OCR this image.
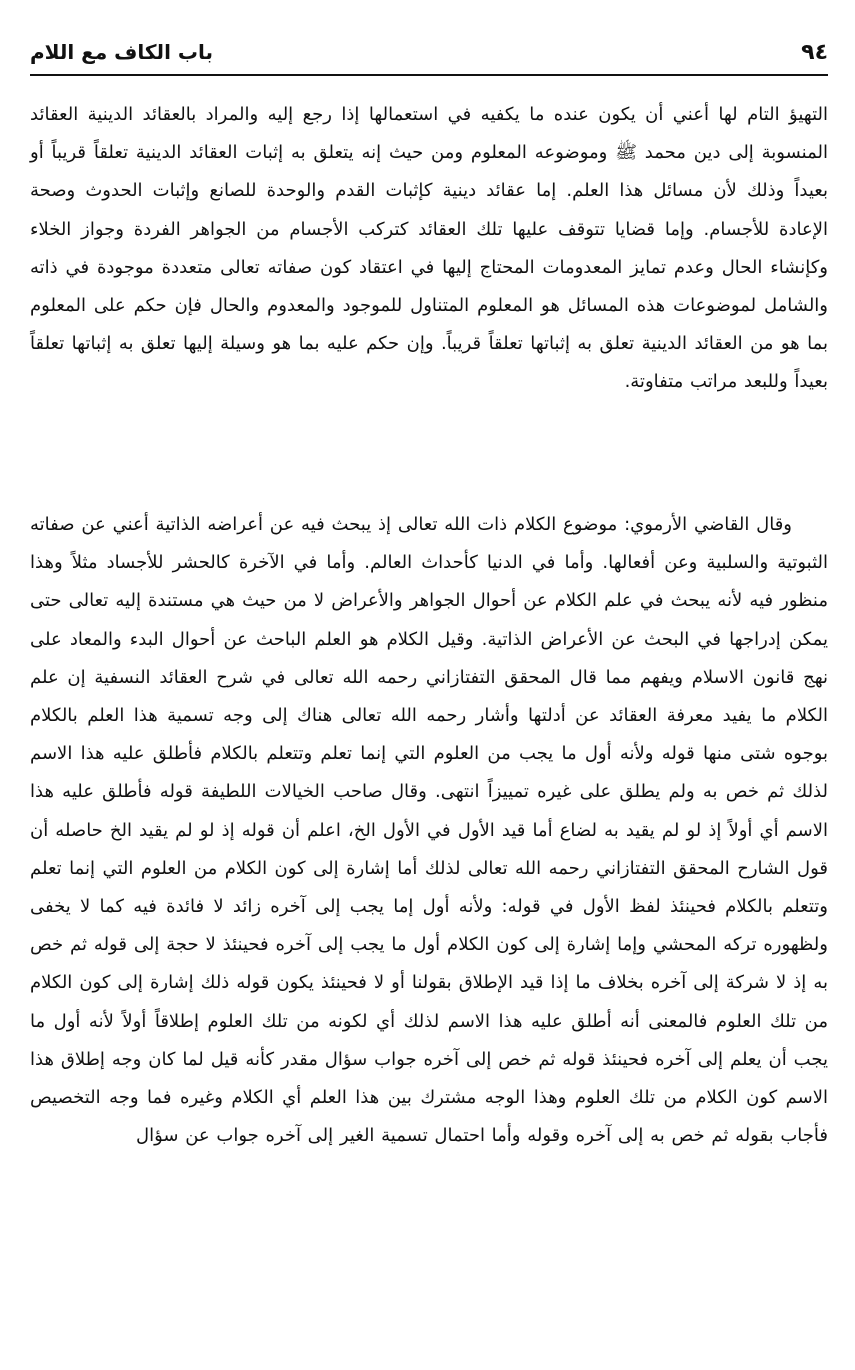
٩٤
باب الكاف مع اللام

التهيؤ التام لها أعني أن يكون عنده ما يكفيه في استعمالها إذا رجع إليه والمراد بالعقائد الدينية العقائد المنسوبة إلى دين محمد ﷺ وموضوعه المعلوم ومن حيث إنه يتعلق به إثبات العقائد الدينية تعلقاً قريباً أو بعيداً وذلك لأن مسائل هذا العلم. إما عقائد دينية كإثبات القدم والوحدة للصانع وإثبات الحدوث وصحة الإعادة للأجسام. وإما قضايا تتوقف عليها تلك العقائد كتركب الأجسام من الجواهر الفردة وجواز الخلاء وكإنشاء الحال وعدم تمايز المعدومات المحتاج إليها في اعتقاد كون صفاته تعالى متعددة موجودة في ذاته والشامل لموضوعات هذه المسائل هو المعلوم المتناول للموجود والمعدوم والحال فإن حكم على المعلوم بما هو من العقائد الدينية تعلق به إثباتها تعلقاً قريباً. وإن حكم عليه بما هو وسيلة إليها تعلق به إثباتها تعلقاً بعيداً وللبعد مراتب متفاوتة.

وقال القاضي الأرموي: موضوع الكلام ذات الله تعالى إذ يبحث فيه عن أعراضه الذاتية أعني عن صفاته الثبوتية والسلبية وعن أفعالها. وأما في الدنيا كأحداث العالم. وأما في الآخرة كالحشر للأجساد مثلاً وهذا منظور فيه لأنه يبحث في علم الكلام عن أحوال الجواهر والأعراض لا من حيث هي مستندة إليه تعالى حتى يمكن إدراجها في البحث عن الأعراض الذاتية. وقيل الكلام هو العلم الباحث عن أحوال البدء والمعاد على نهج قانون الاسلام ويفهم مما قال المحقق التفتازاني رحمه الله تعالى في شرح العقائد النسفية إن علم الكلام ما يفيد معرفة العقائد عن أدلتها وأشار رحمه الله تعالى هناك إلى وجه تسمية هذا العلم بالكلام بوجوه شتى منها قوله ولأنه أول ما يجب من العلوم التي إنما تعلم وتتعلم بالكلام فأطلق عليه هذا الاسم لذلك ثم خص به ولم يطلق على غيره تمييزاً انتهى. وقال صاحب الخيالات اللطيفة قوله فأطلق عليه هذا الاسم أي أولاً إذ لو لم يقيد به لضاع أما قيد الأول في الأول الخ، اعلم أن قوله إذ لو لم يقيد الخ حاصله أن قول الشارح المحقق التفتازاني رحمه الله تعالى لذلك أما إشارة إلى كون الكلام من العلوم التي إنما تعلم وتتعلم بالكلام فحينئذ لفظ الأول في قوله: ولأنه أول إما يجب إلى آخره زائد لا فائدة فيه كما لا يخفى ولظهوره تركه المحشي وإما إشارة إلى كون الكلام أول ما يجب إلى آخره فحينئذ لا حجة إلى قوله ثم خص به إذ لا شركة إلى آخره بخلاف ما إذا قيد الإطلاق بقولنا أو لا فحينئذ يكون قوله ذلك إشارة إلى كون الكلام من تلك العلوم فالمعنى أنه أطلق عليه هذا الاسم لذلك أي لكونه من تلك العلوم إطلاقاً أولاً لأنه أول ما يجب أن يعلم إلى آخره فحينئذ قوله ثم خص إلى آخره جواب سؤال مقدر كأنه قيل لما كان وجه إطلاق هذا الاسم كون الكلام من تلك العلوم وهذا الوجه مشترك بين هذا العلم أي الكلام وغيره فما وجه التخصيص فأجاب بقوله ثم خص به إلى آخره وقوله وأما احتمال تسمية الغير إلى آخره جواب عن سؤال
